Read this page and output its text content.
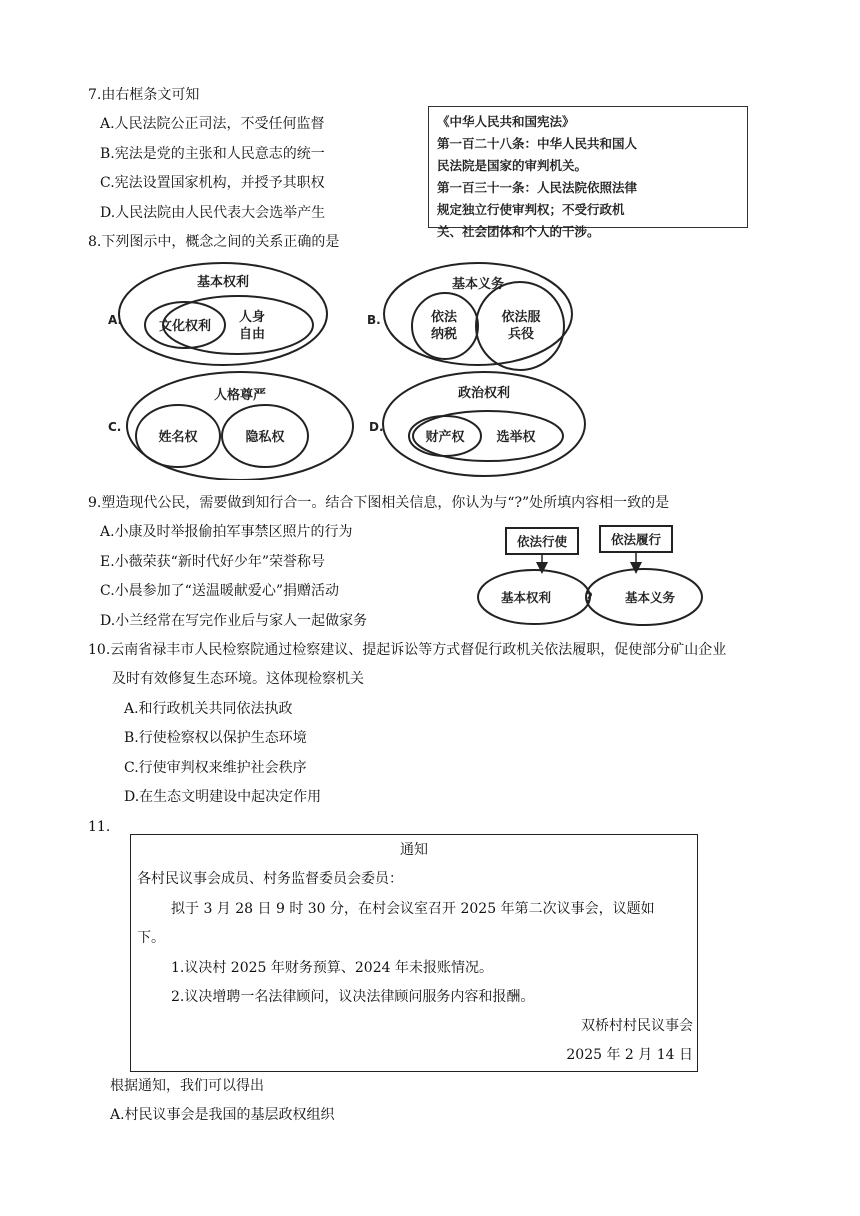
7.由右框条文可知
A.人民法院公正司法，不受任何监督
B.宪法是党的主张和人民意志的统一
C.宪法设置国家机构，并授予其职权
D.人民法院由人民代表大会选举产生
《中华人民共和国宪法》
第一百二十八条：中华人民共和国人
民法院是国家的审判机关。
第一百三十一条：人民法院依照法律
规定独立行使审判权；不受行政机
关、社会团体和个人的干涉。
8.下列图示中，概念之间的关系正确的是
A.
基本权利
文化权利
人身
自由
B.
基本义务
依法
纳税
依法服
兵役
C.
人格尊严
姓名权	隐私权
D.
政治权利
财产权 选举权
9.塑造现代公民，需要做到知行合一。结合下图相关信息，你认为与“?”处所填内容相一致的是
A.小康及时举报偷拍军事禁区照片的行为
E.小薇荣获“新时代好少年”荣誉称号
C.小晨参加了“送温暖献爱心”捐赠活动
D.小兰经常在写完作业后与家人一起做家务
依法行使	依法履行
基本权利	?	基本义务
10.云南省禄丰市人民检察院通过检察建议、提起诉讼等方式督促行政机关依法履职，促使部分矿山企业
及时有效修复生态环境。这体现检察机关
A.和行政机关共同依法执政
B.行使检察权以保护生态环境
C.行使审判权来维护社会秩序
D.在生态文明建设中起决定作用
11.
通知
各村民议事会成员、村务监督委员会委员：
拟于 3 月 28 日 9 时 30 分，在村会议室召开 2025 年第二次议事会，议题如
下。
1.议决村 2025 年财务预算、2024 年未报账情况。
2.议决增聘一名法律顾问，议决法律顾问服务内容和报酬。
双桥村村民议事会
2025 年 2 月 14 日
根据通知，我们可以得出
A.村民议事会是我国的基层政权组织
